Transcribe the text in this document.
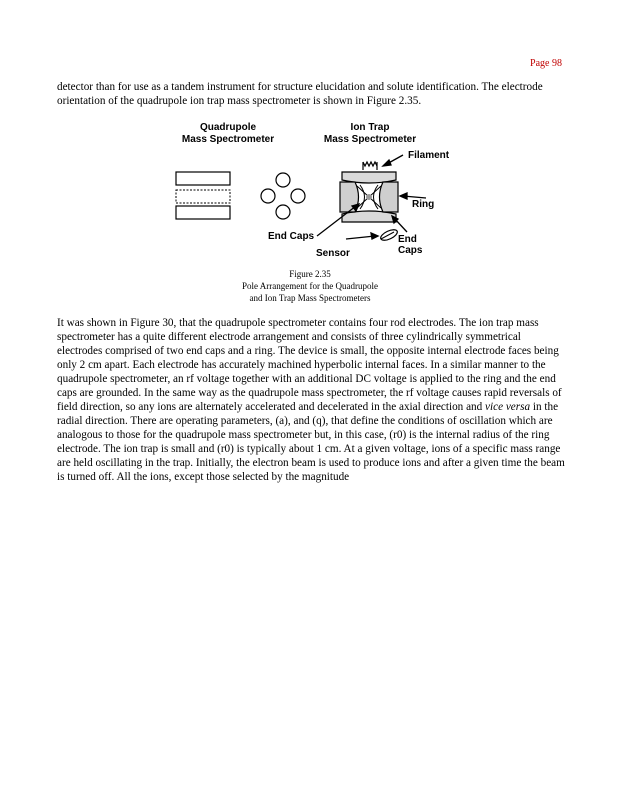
Page 98

detector than for use as a tandem instrument for structure elucidation and solute identification. The electrode orientation of the quadrupole ion trap mass spectrometer is shown in Figure 2.35.

Quadrupole
Mass Spectrometer
Ion Trap
Mass Spectrometer
Filament
Ring
End Caps	End
Caps
Sensor
Figure 2.35
Pole Arrangement for the Quadrupole
and Ion Trap Mass Spectrometers

It was shown in Figure 30, that the quadrupole spectrometer contains four rod electrodes. The ion trap mass spectrometer has a quite different electrode arrangement and consists of three cylindrically symmetrical electrodes comprised of two end caps and a ring. The device is small, the opposite internal electrode faces being only 2 cm apart. Each electrode has accurately machined hyperbolic internal faces. In a similar manner to the quadrupole spectrometer, an rf voltage together with an additional DC voltage is applied to the ring and the end caps are grounded. In the same way as the quadrupole mass spectrometer, the rf voltage causes rapid reversals of field direction, so any ions are alternately accelerated and decelerated in the axial direction and vice versa in the radial direction. There are operating parameters, (a), and (q), that define the conditions of oscillation which are analogous to those for the quadrupole mass spectrometer but, in this case, (r0) is the internal radius of the ring electrode. The ion trap is small and (r0) is typically about 1 cm. At a given voltage, ions of a specific mass range are held oscillating in the trap. Initially, the electron beam is used to produce ions and after a given time the beam is turned off. All the ions, except those selected by the magnitude
